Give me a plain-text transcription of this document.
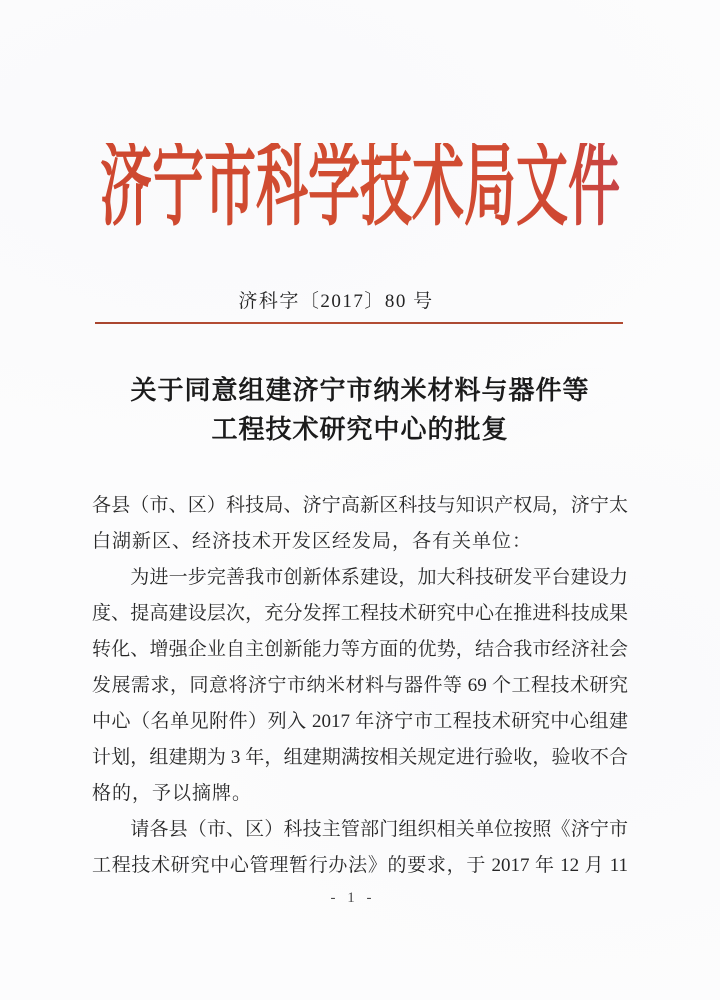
济宁市科学技术局文件
济科字〔2017〕80 号
关于同意组建济宁市纳米材料与器件等
工程技术研究中心的批复
各县（市、区）科技局、济宁高新区科技与知识产权局，济宁太
白湖新区、经济技术开发区经发局，各有关单位：
　　为进一步完善我市创新体系建设，加大科技研发平台建设力
度、提高建设层次，充分发挥工程技术研究中心在推进科技成果
转化、增强企业自主创新能力等方面的优势，结合我市经济社会
发展需求，同意将济宁市纳米材料与器件等 69 个工程技术研究
中心（名单见附件）列入 2017 年济宁市工程技术研究中心组建
计划，组建期为 3 年，组建期满按相关规定进行验收，验收不合
格的，予以摘牌。
　　请各县（市、区）科技主管部门组织相关单位按照《济宁市
工程技术研究中心管理暂行办法》的要求，于 2017 年 12 月 11
- 1 -
